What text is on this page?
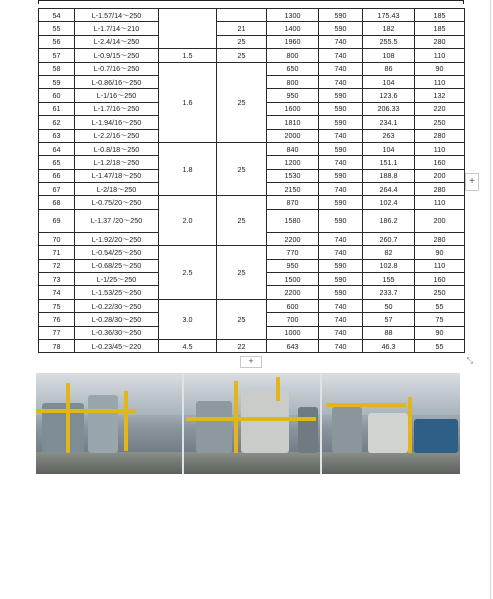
54	L-1.57/14～250			1300	590	175.43	185
55	L-1.7/14～210		21	1400	590	182	185
56	L-2.4/14～250		25	1960	740	255.5	280
57	L-0.9/15～250	1.5	25	800	740	108	110
58	L-0.7/16～250	1.6	25	650	740	86	90
59	L-0.86/16～250			800	740	104	110
60	L-1/16～250			950	590	123.6	132
61	L-1.7/16～250			1600	590	206.33	220
62	L-1.94/16～250			1810	590	234.1	250
63	L-2.2/16～250			2000	740	263	280
64	L-0.8/18～250	1.8	25	840	590	104	110
65	L-1.2/18～250			1200	740	151.1	160
66	L-1.47/18～250			1530	590	188.8	200
67	L-2/18～250			2150	740	264.4	280
68	L-0.75/20～250	2.0	25	870	590	102.4	110
69	L-1.37 /20～250			1580	590	186.2	200
70	L-1.92/20～250			2200	740	260.7	280
71	L-0.54/25～250	2.5	25	770	740	82	90
72	L-0.68/25～250			950	590	102.8	110
73	L-1/25～250			1500	590	155	160
74	L-1.53/25～250			2200	590	233.7	250
75	L-0.22/30～250	3.0	25	600	740	50	55
76	L-0.28/30～250			700	740	57	75
77	L-0.36/30～250			1000	740	88	90
78	L-0.23/45～220	4.5	22	643	740	46.3	55
+
+	⤡
